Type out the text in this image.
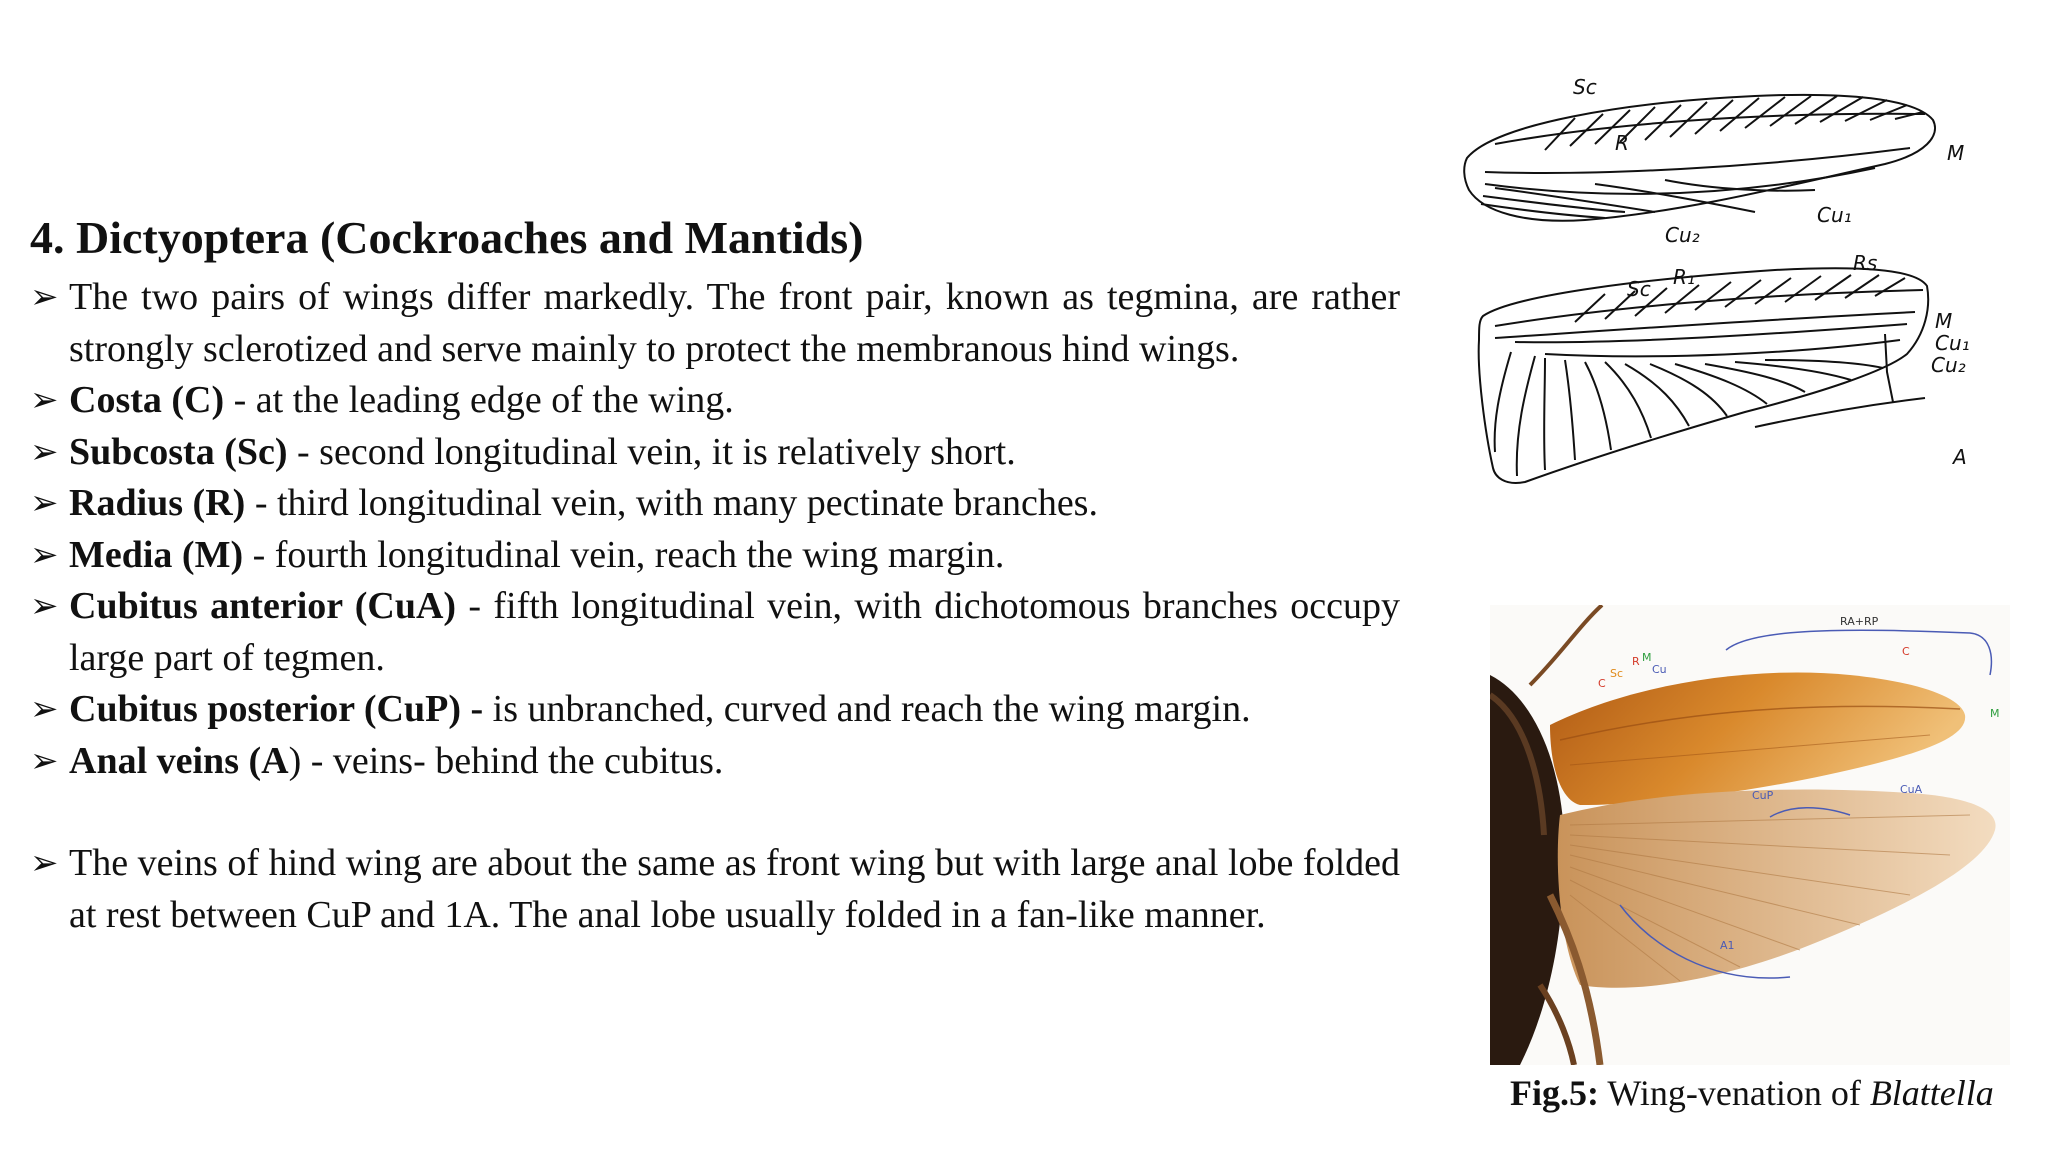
4. Dictyoptera (Cockroaches and Mantids)
➢ The two pairs of wings differ markedly. The front pair, known as tegmina, are rather strongly sclerotized and serve mainly to protect the membranous hind wings.
➢ Costa (C) - at the leading edge of the wing.
➢ Subcosta (Sc) - second longitudinal vein, it is relatively short.
➢ Radius (R) - third longitudinal vein, with many pectinate branches.
➢ Media (M) - fourth longitudinal vein, reach the wing margin.
➢ Cubitus anterior (CuA) - fifth longitudinal vein, with dichotomous branches occupy large part of tegmen.
➢ Cubitus posterior (CuP) - is unbranched, curved and reach the wing margin.
➢ Anal veins (A) - veins- behind the cubitus.
➢ The veins of hind wing are about the same as front wing but with large anal lobe folded at rest between CuP and 1A. The anal lobe usually folded in a fan-like manner.
Sc
R	M
Cu₁
Cu₂
Sc R₁
Rs
M
Cu₁
Cu₂
A
RA+RP
C
Sc
R M
Cu
C
M
CuP	CuA
A1
Fig.5: Wing-venation of Blattella
